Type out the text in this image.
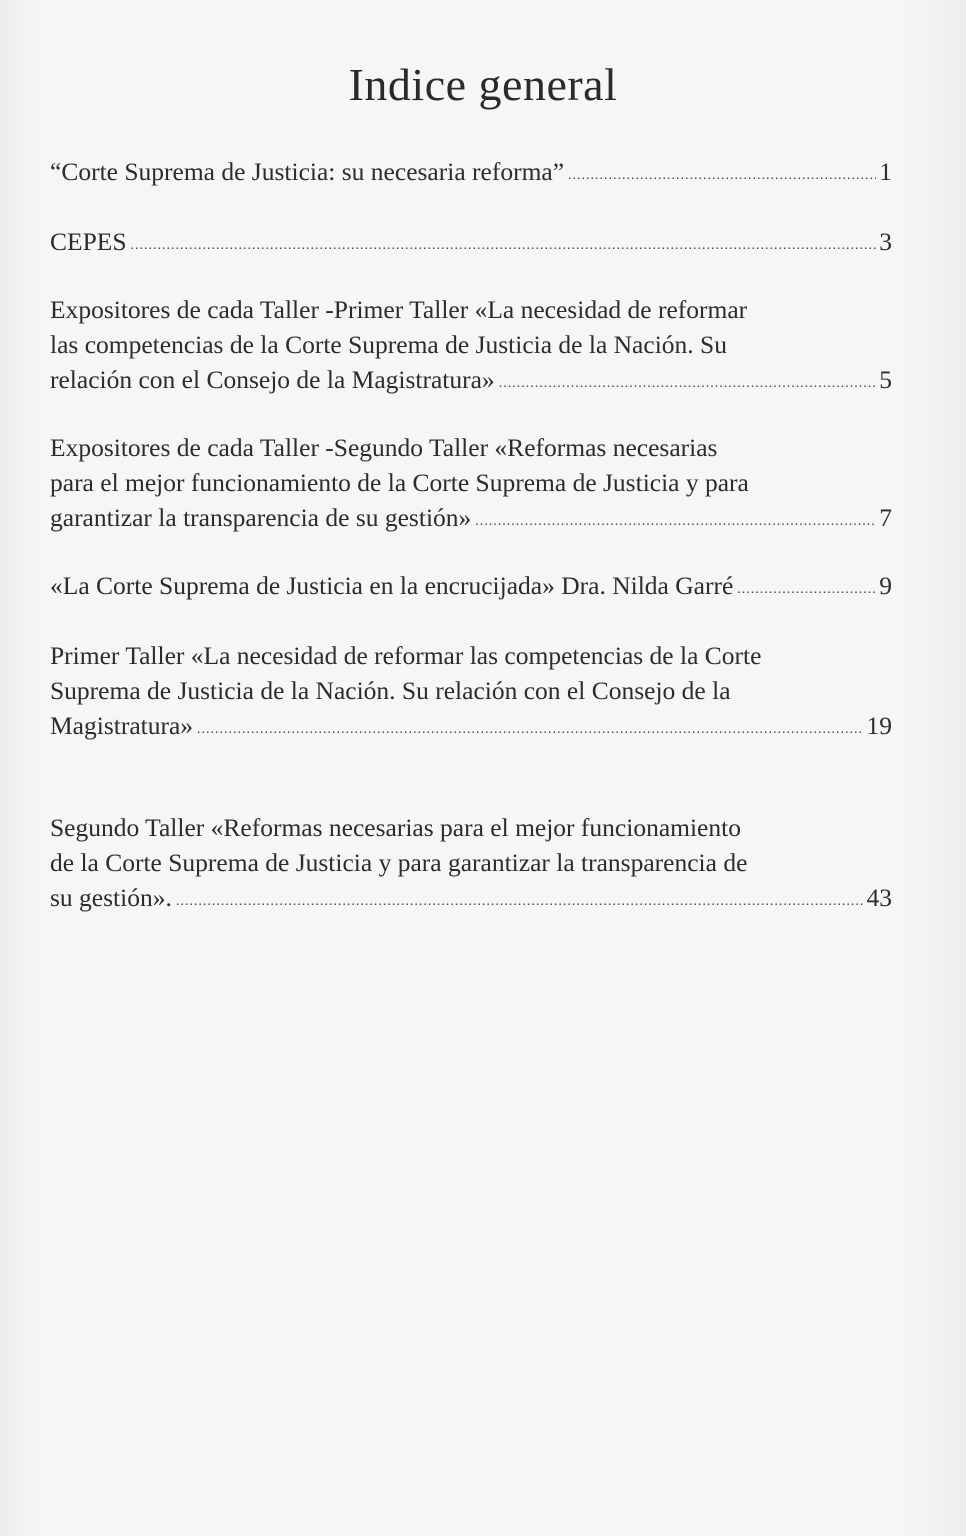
Indice general
“Corte Suprema de Justicia: su necesaria reforma” .....	1
CEPES .....	3
Expositores de cada Taller -Primer Taller «La necesidad de reformar
las competencias de la Corte Suprema de Justicia de la Nación. Su
relación con el Consejo de la Magistratura» .....	5
Expositores de cada Taller -Segundo Taller «Reformas necesarias
para el mejor funcionamiento de la Corte Suprema de Justicia y para
garantizar la transparencia de su gestión» .....	7
«La Corte Suprema de Justicia en la encrucijada» Dra. Nilda Garré .....	9
Primer Taller «La necesidad de reformar las competencias de la Corte
Suprema de Justicia de la Nación. Su relación con el Consejo de la
Magistratura» .....	19
Segundo Taller «Reformas necesarias para el mejor funcionamiento
de la Corte Suprema de Justicia y para garantizar la transparencia de
su gestión». .....	43
